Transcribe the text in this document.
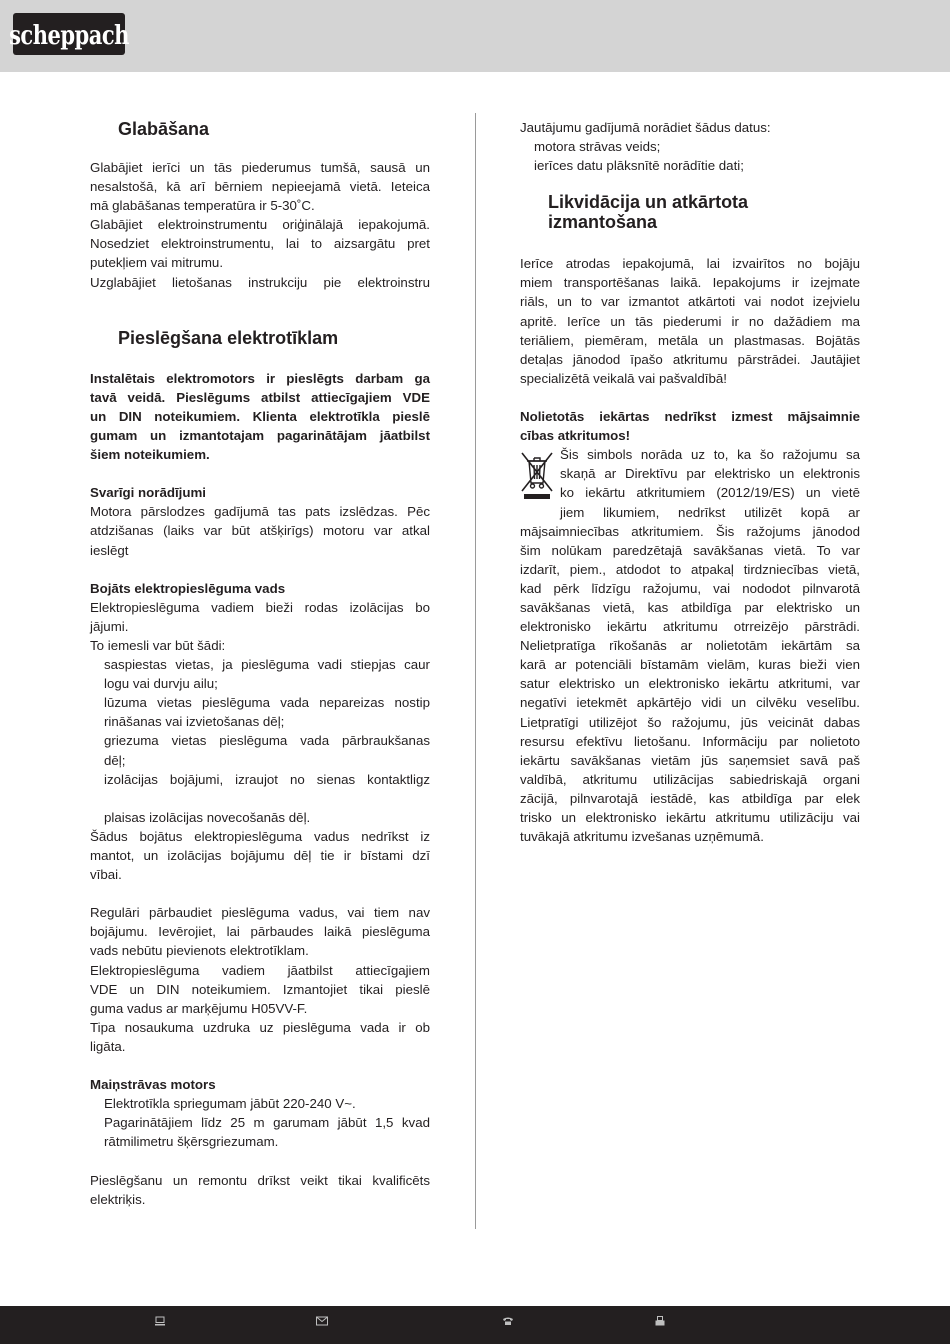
scheppach
Glabāšana

Glabājiet ierīci un tās piederumus tumšā, sausā un

nesalstošā, kā arī bērniem nepieejamā vietā. Ieteica

mā glabāšanas temperatūra ir 5-30˚C.

Glabājiet elektroinstrumentu oriģinālajā iepakojumā.

Nosedziet elektroinstrumentu, lai to aizsargātu pret

putekļiem vai mitrumu.

Uzglabājiet lietošanas instrukciju pie elektroinstru

Pieslēgšana elektrotīklam

Instalētais elektromotors ir pieslēgts darbam ga

tavā veidā. Pieslēgums atbilst attiecīgajiem VDE

un DIN noteikumiem. Klienta elektrotīkla pieslē

gumam un izmantotajam pagarinātājam jāatbilst

šiem noteikumiem.

Svarīgi norādījumi

Motora pārslodzes gadījumā tas pats izslēdzas. Pēc

atdzišanas (laiks var būt atšķirīgs) motoru var atkal

ieslēgt

Bojāts elektropieslēguma vads

Elektropieslēguma vadiem bieži rodas izolācijas bo

jājumi.

To iemesli var būt šādi:

saspiestas vietas, ja pieslēguma vadi stiepjas caur

logu vai durvju ailu;

lūzuma vietas pieslēguma vada nepareizas nostip

rināšanas vai izvietošanas dēļ;

griezuma vietas pieslēguma vada pārbraukšanas

dēļ;

izolācijas bojājumi, izraujot no sienas kontaktligz

plaisas izolācijas novecošanās dēļ.

Šādus bojātus elektropieslēguma vadus nedrīkst iz

mantot, un izolācijas bojājumu dēļ tie ir bīstami dzī

vībai.

Regulāri pārbaudiet pieslēguma vadus, vai tiem nav

bojājumu. Ievērojiet, lai pārbaudes laikā pieslēguma

vads nebūtu pievienots elektrotīklam.

Elektropieslēguma vadiem jāatbilst attiecīgajiem

VDE un DIN noteikumiem. Izmantojiet tikai pieslē

guma vadus ar marķējumu H05VV-F.

Tipa nosaukuma uzdruka uz pieslēguma vada ir ob

ligāta.

Maiņstrāvas motors

Elektrotīkla spriegumam jābūt 220-240 V~.

Pagarinātājiem līdz 25 m garumam jābūt 1,5 kvad

rātmilimetru šķērsgriezumam.

Pieslēgšanu un remontu drīkst veikt tikai kvalificēts

elektriķis.

Jautājumu gadījumā norādiet šādus datus:

motora strāvas veids;

ierīces datu plāksnītē norādītie dati;

Likvidācija un atkārtota
izmantošana

Ierīce atrodas iepakojumā, lai izvairītos no bojāju

miem transportēšanas laikā. Iepakojums ir izejmate

riāls, un to var izmantot atkārtoti vai nodot izejvielu

apritē. Ierīce un tās piederumi ir no dažādiem ma

teriāliem, piemēram, metāla un plastmasas. Bojātās

detaļas jānodod īpašo atkritumu pārstrādei. Jautājiet

specializētā veikalā vai pašvaldībā!

Nolietotās iekārtas nedrīkst izmest mājsaimnie

cības atkritumos!

Šis simbols norāda uz to, ka šo ražojumu sa

skaņā ar Direktīvu par elektrisko un elektronis

ko iekārtu atkritumiem (2012/19/ES) un vietē

jiem likumiem, nedrīkst utilizēt kopā ar

mājsaimniecības atkritumiem. Šis ražojums jānodod

šim nolūkam paredzētajā savākšanas vietā. To var

izdarīt, piem., atdodot to atpakaļ tirdzniecības vietā,

kad pērk līdzīgu ražojumu, vai nododot pilnvarotā

savākšanas vietā, kas atbildīga par elektrisko un

elektronisko iekārtu atkritumu otrreizējo pārstrādi.

Nelietpratīga rīkošanās ar nolietotām iekārtām sa

karā ar potenciāli bīstamām vielām, kuras bieži vien

satur elektrisko un elektronisko iekārtu atkritumi, var

negatīvi ietekmēt apkārtējo vidi un cilvēku veselību.

Lietpratīgi utilizējot šo ražojumu, jūs veicināt dabas

resursu efektīvu lietošanu. Informāciju par nolietoto

iekārtu savākšanas vietām jūs saņemsiet savā paš

valdībā, atkritumu utilizācijas sabiedriskajā organi

zācijā, pilnvarotajā iestādē, kas atbildīga par elek

trisko un elektronisko iekārtu atkritumu utilizāciju vai

tuvākajā atkritumu izvešanas uzņēmumā.
